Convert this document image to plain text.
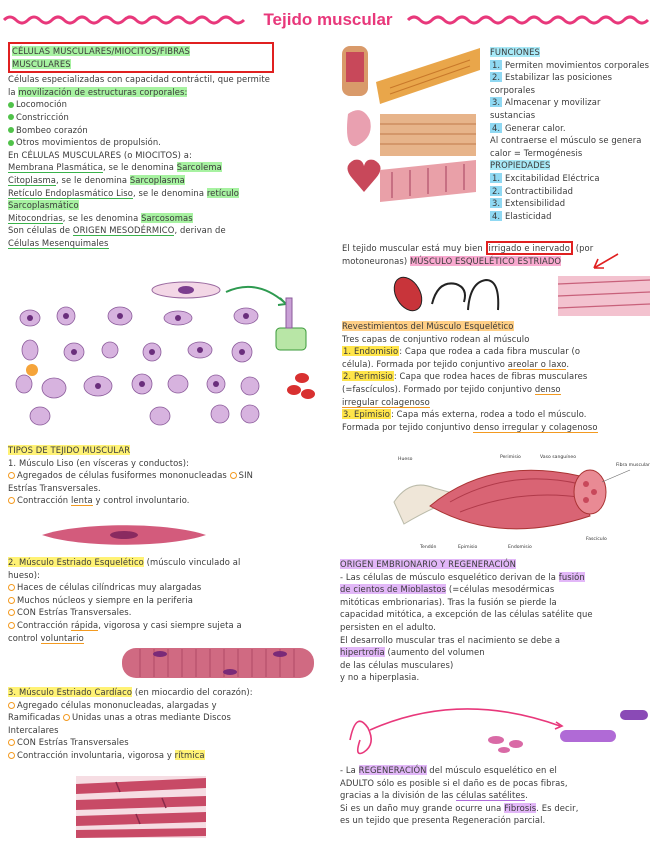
Tejido muscular
CÉLULAS MUSCULARES/MIOCITOS/FIBRAS
MUSCULARES
Células especializadas con capacidad contráctil, que permite
la movilización de estructuras corporales:
Locomoción
Constricción
Bombeo corazón
Otros movimientos de propulsión.
En CÉLULAS MUSCULARES (o MIOCITOS) a:
Membrana Plasmática, se le denomina Sarcolema
Citoplasma, se le denomina Sarcoplasma
Retículo Endoplasmático Liso, se le denomina retículo
Sarcoplasmático
Mitocondrias, se les denomina Sarcosomas
Son células de ORIGEN MESODÉRMICO, derivan de
Células Mesenquimales
TIPOS DE TEJIDO MUSCULAR
1. Músculo Liso (en vísceras y conductos):
Agregados de células fusiformes mononucleadas SIN
Estrías Transversales.
Contracción lenta y control involuntario.
2. Músculo Estriado Esquelético (músculo vinculado al
hueso):
Haces de células cilíndricas muy alargadas
Muchos núcleos y siempre en la periferia
CON Estrías Transversales.
Contracción rápida, vigorosa y casi siempre sujeta a
control voluntario
3. Músculo Estriado Cardíaco (en miocardio del corazón):
Agregado células mononucleadas, alargadas y
Ramificadas Unidas unas a otras mediante Discos
Intercalares
CON Estrías Transversales
Contracción involuntaria, vigorosa y rítmica
FUNCIONES
1. Permiten movimientos corporales
2. Estabilizar las posiciones
corporales
3. Almacenar y movilizar
sustancias
4. Generar calor.
Al contraerse el músculo se genera
calor = Termogénesis
PROPIEDADES
1. Excitabilidad Eléctrica
2. Contractibilidad
3. Extensibilidad
4. Elasticidad
El tejido muscular está muy bien irrigado e inervado (por
motoneuronas) MÚSCULO ESQUELÉTICO ESTRIADO
Revestimientos del Músculo Esquelético
Tres capas de conjuntivo rodean al músculo
1. Endomisio: Capa que rodea a cada fibra muscular (o
célula). Formada por tejido conjuntivo areolar o laxo.
2. Perimisio: Capa que rodea haces de fibras musculares
(=fascículos). Formado por tejido conjuntivo denso
irregular colagenoso
3. Epimisio: Capa más externa, rodea a todo el músculo.
Formada por tejido conjuntivo denso irregular y colagenoso
Hueso	Perimisio	Vaso sanguíneo
Fibra muscular
Tendón	Epimisio	Endomisio
Fascículo
ORIGEN EMBRIONARIO Y REGENERACIÓN
- Las células de músculo esquelético derivan de la fusión
de cientos de Mioblastos (=células mesodérmicas
mitóticas embrionarias). Tras la fusión se pierde la
capacidad mitótica, a excepción de las células satélite que
persisten en el adulto.
El desarrollo muscular tras el nacimiento se debe a
hipertrofia (aumento del volumen
de las células musculares)
y no a hiperplasia.
- La REGENERACIÓN del músculo esquelético en el
ADULTO sólo es posible si el daño es de pocas fibras,
gracias a la división de las células satélites.
Si es un daño muy grande ocurre una Fibrosis. Es decir,
es un tejido que presenta Regeneración parcial.
